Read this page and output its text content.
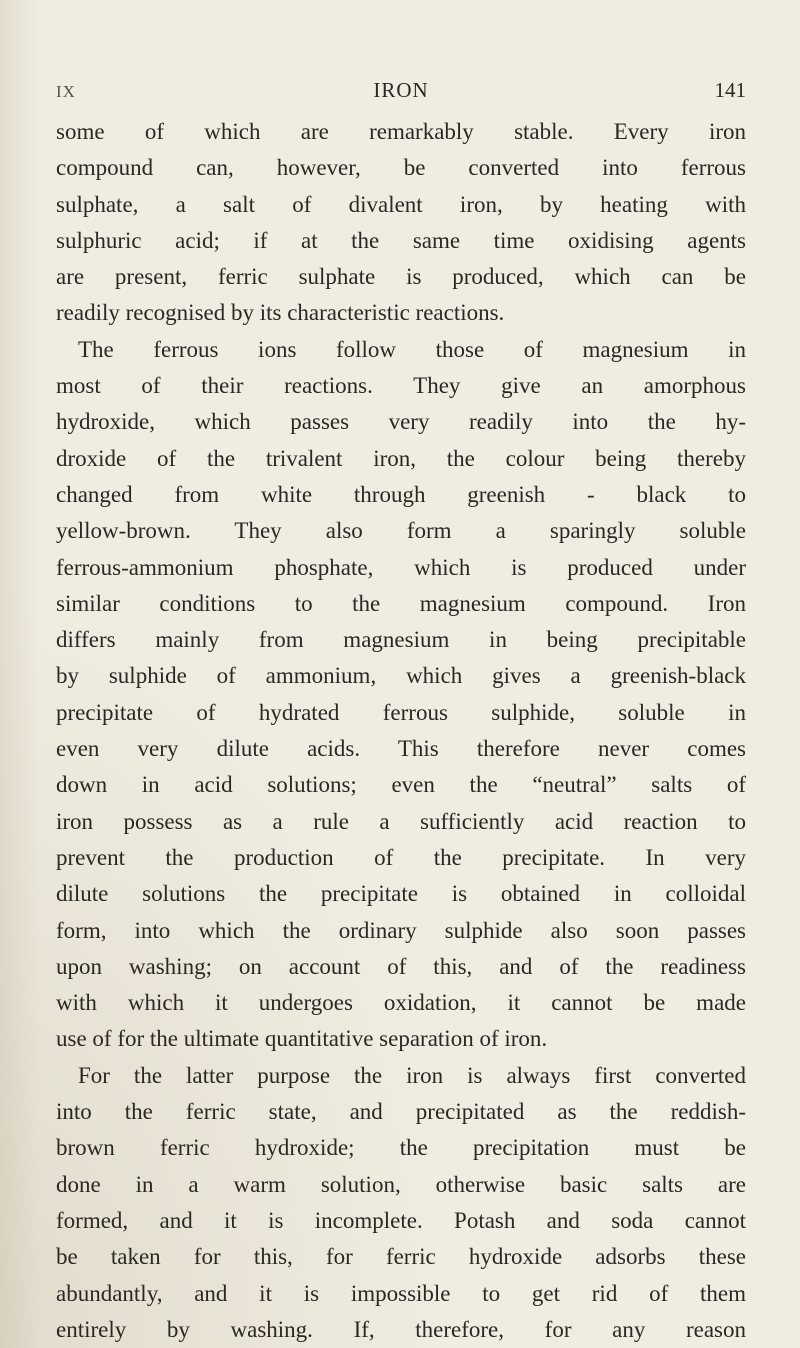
IX	IRON	141
some of which are remarkably stable. Every iron
compound can, however, be converted into ferrous
sulphate, a salt of divalent iron, by heating with
sulphuric acid; if at the same time oxidising agents
are present, ferric sulphate is produced, which can be
readily recognised by its characteristic reactions.
The ferrous ions follow those of magnesium in
most of their reactions. They give an amorphous
hydroxide, which passes very readily into the hy-
droxide of the trivalent iron, the colour being thereby
changed from white through greenish - black to
yellow-brown. They also form a sparingly soluble
ferrous-ammonium phosphate, which is produced under
similar conditions to the magnesium compound. Iron
differs mainly from magnesium in being precipitable
by sulphide of ammonium, which gives a greenish-black
precipitate of hydrated ferrous sulphide, soluble in
even very dilute acids. This therefore never comes
down in acid solutions; even the “neutral” salts of
iron possess as a rule a sufficiently acid reaction to
prevent the production of the precipitate. In very
dilute solutions the precipitate is obtained in colloidal
form, into which the ordinary sulphide also soon passes
upon washing; on account of this, and of the readiness
with which it undergoes oxidation, it cannot be made
use of for the ultimate quantitative separation of iron.
For the latter purpose the iron is always first converted
into the ferric state, and precipitated as the reddish-
brown ferric hydroxide; the precipitation must be
done in a warm solution, otherwise basic salts are
formed, and it is incomplete. Potash and soda cannot
be taken for this, for ferric hydroxide adsorbs these
abundantly, and it is impossible to get rid of them
entirely by washing. If, therefore, for any reason
